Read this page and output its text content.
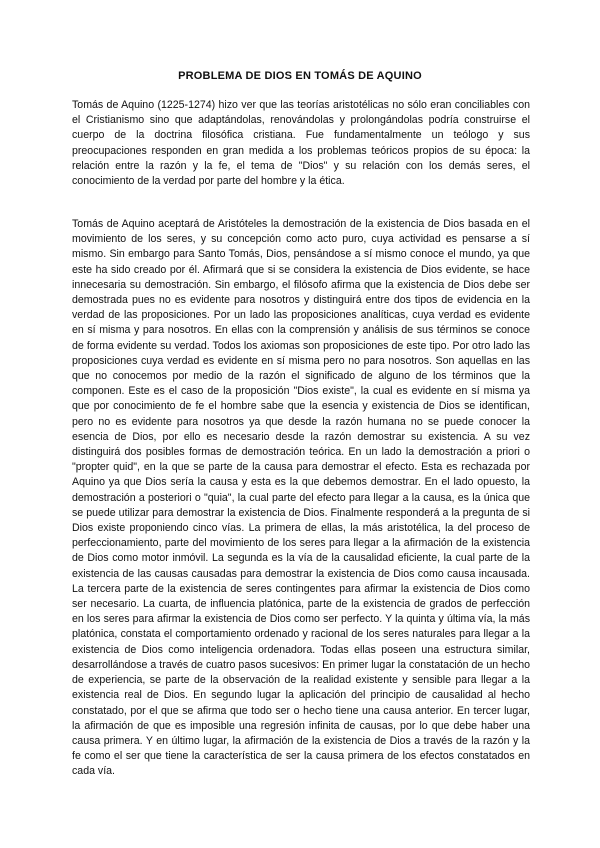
PROBLEMA DE DIOS EN TOMÁS DE AQUINO

Tomás de Aquino (1225-1274) hizo ver que las teorías aristotélicas no sólo eran conciliables con el Cristianismo sino que adaptándolas, renovándolas y prolongándolas podría construirse el cuerpo de la doctrina filosófica cristiana. Fue fundamentalmente un teólogo y sus preocupaciones responden en gran medida a los problemas teóricos propios de su época: la relación entre la razón y la fe, el tema de "Dios" y su relación con los demás seres, el conocimiento de la verdad por parte del hombre y la ética.

Tomás de Aquino aceptará de Aristóteles la demostración de la existencia de Dios basada en el movimiento de los seres, y su concepción como acto puro, cuya actividad es pensarse a sí mismo. Sin embargo para Santo Tomás, Dios, pensándose a sí mismo conoce el mundo, ya que este ha sido creado por él. Afirmará que si se considera la existencia de Dios evidente, se hace innecesaria su demostración. Sin embargo, el filósofo afirma que la existencia de Dios debe ser demostrada pues no es evidente para nosotros y distinguirá entre dos tipos de evidencia en la verdad de las proposiciones. Por un lado las proposiciones analíticas, cuya verdad es evidente en sí misma y para nosotros. En ellas con la comprensión y análisis de sus términos se conoce de forma evidente su verdad. Todos los axiomas son proposiciones de este tipo. Por otro lado las proposiciones cuya verdad es evidente en sí misma pero no para nosotros. Son aquellas en las que no conocemos por medio de la razón el significado de alguno de los términos que la componen. Este es el caso de la proposición "Dios existe", la cual es evidente en sí misma ya que por conocimiento de fe el hombre sabe que la esencia y existencia de Dios se identifican, pero no es evidente para nosotros ya que desde la razón humana no se puede conocer la esencia de Dios, por ello es necesario desde la razón demostrar su existencia. A su vez distinguirá dos posibles formas de demostración teórica. En un lado la demostración a priori o "propter quid", en la que se parte de la causa para demostrar el efecto. Esta es rechazada por Aquino ya que Dios sería la causa y esta es la que debemos demostrar. En el lado opuesto, la demostración a posteriori o "quia", la cual parte del efecto para llegar a la causa, es la única que se puede utilizar para demostrar la existencia de Dios. Finalmente responderá a la pregunta de si Dios existe proponiendo cinco vías. La primera de ellas, la más aristotélica, la del proceso de perfeccionamiento, parte del movimiento de los seres para llegar a la afirmación de la existencia de Dios como motor inmóvil. La segunda es la vía de la causalidad eficiente, la cual parte de la existencia de las causas causadas para demostrar la existencia de Dios como causa incausada. La tercera parte de la existencia de seres contingentes para afirmar la existencia de Dios como ser necesario. La cuarta, de influencia platónica, parte de la existencia de grados de perfección en los seres para afirmar la existencia de Dios como ser perfecto. Y la quinta y última vía, la más platónica, constata el comportamiento ordenado y racional de los seres naturales para llegar a la existencia de Dios como inteligencia ordenadora. Todas ellas poseen una estructura similar, desarrollándose a través de cuatro pasos sucesivos: En primer lugar la constatación de un hecho de experiencia, se parte de la observación de la realidad existente y sensible para llegar a la existencia real de Dios. En segundo lugar la aplicación del principio de causalidad al hecho constatado, por el que se afirma que todo ser o hecho tiene una causa anterior. En tercer lugar, la afirmación de que es imposible una regresión infinita de causas, por lo que debe haber una causa primera. Y en último lugar, la afirmación de la existencia de Dios a través de la razón y la fe como el ser que tiene la característica de ser la causa primera de los efectos constatados en cada vía.
